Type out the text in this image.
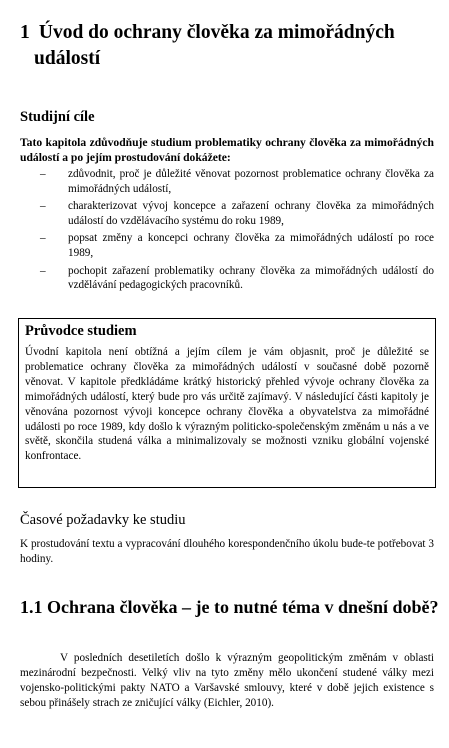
1 Úvod do ochrany člověka za mimořádných
událostí
Studijní cíle
Tato kapitola zdůvodňuje studium problematiky ochrany člověka za mimořádných událostí a po jejím prostudování dokážete:
– zdůvodnit, proč je důležité věnovat pozornost problematice ochrany člověka za mimořádných událostí,
– charakterizovat vývoj koncepce a zařazení ochrany člověka za mimořádných událostí do vzdělávacího systému do roku 1989,
– popsat změny a koncepci ochrany člověka za mimořádných událostí po roce 1989,
– pochopit zařazení problematiky ochrany člověka za mimořádných událostí do vzdělávání pedagogických pracovníků.
Průvodce studiem

Úvodní kapitola není obtížná a jejím cílem je vám objasnit, proč je důležité se problematice ochrany člověka za mimořádných událostí v současné době pozorně věnovat. V kapitole předkládáme krátký historický přehled vývoje ochrany člověka za mimořádných událostí, který bude pro vás určitě zajímavý. V následující části kapitoly je věnována pozornost vývoji koncepce ochrany člověka a obyvatelstva za mimořádné události po roce 1989, kdy došlo k výrazným politicko-společenským změnám u nás a ve světě, skončila studená válka a minimalizovaly se možnosti vzniku globální vojenské konfrontace.

Časové požadavky ke studiu

K prostudování textu a vypracování dlouhého korespondenčního úkolu bude-te potřebovat 3 hodiny.

1.1 Ochrana člověka – je to nutné téma v dnešní době?

V posledních desetiletích došlo k výrazným geopolitickým změnám v oblasti mezinárodní bezpečnosti. Velký vliv na tyto změny mělo ukončení studené války mezi vojensko-politickými pakty NATO a Varšavské smlouvy, které v době jejich existence s sebou přinášely strach ze zničující války (Eichler, 2010).
